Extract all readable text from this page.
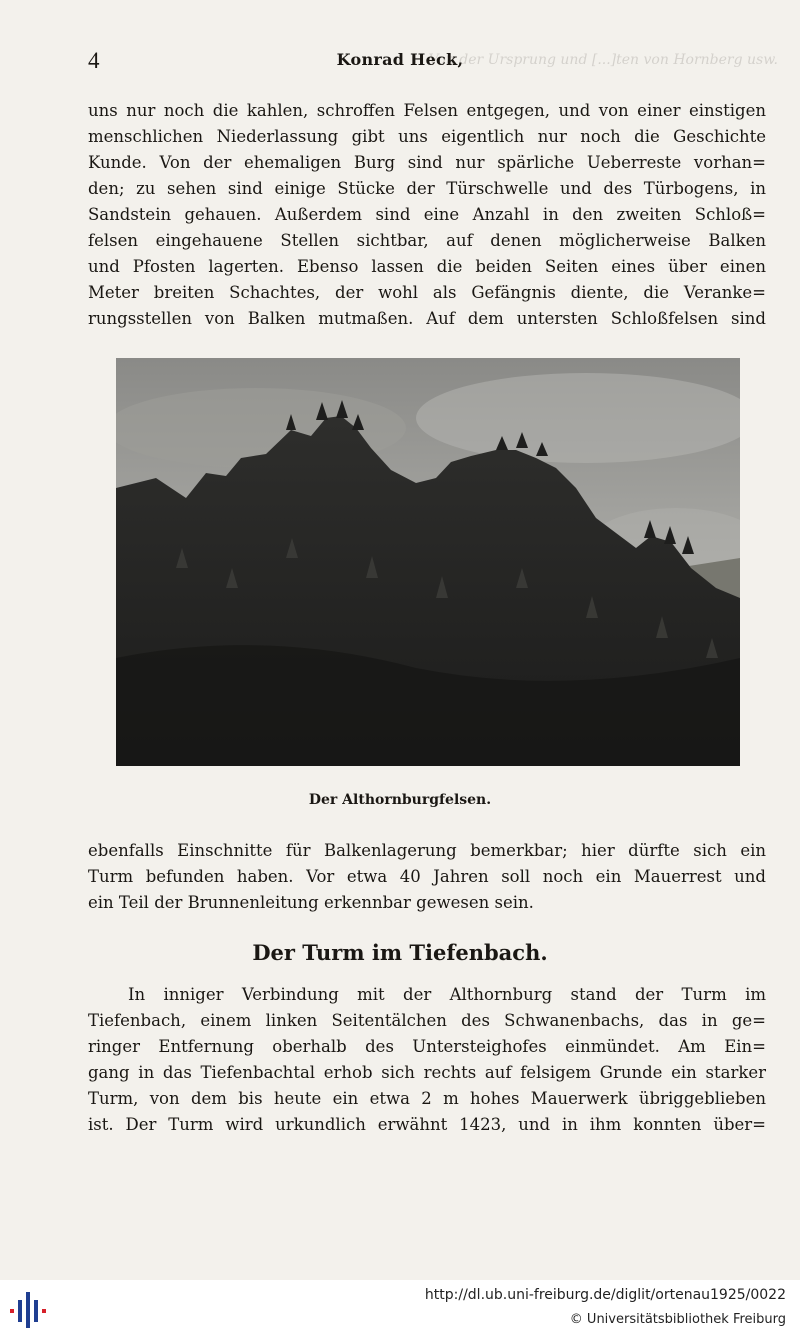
Von der Ursprung und [...]ten von Hornberg usw.
4	Konrad Heck,
uns nur noch die kahlen, schroffen Felsen entgegen, und von einer einstigen
menschlichen Niederlassung gibt uns eigentlich nur noch die Geschichte
Kunde. Von der ehemaligen Burg sind nur spärliche Ueberreste vorhan=
den; zu sehen sind einige Stücke der Türschwelle und des Türbogens, in
Sandstein gehauen. Außerdem sind eine Anzahl in den zweiten Schloß=
felsen eingehauene Stellen sichtbar, auf denen möglicherweise Balken
und Pfosten lagerten. Ebenso lassen die beiden Seiten eines über einen
Meter breiten Schachtes, der wohl als Gefängnis diente, die Veranke=
rungsstellen von Balken mutmaßen. Auf dem untersten Schloßfelsen sind
Der Althornburgfelsen.
ebenfalls Einschnitte für Balkenlagerung bemerkbar; hier dürfte sich ein
Turm befunden haben. Vor etwa 40 Jahren soll noch ein Mauerrest und
ein Teil der Brunnenleitung erkennbar gewesen sein.
Der Turm im Tiefenbach.
In inniger Verbindung mit der Althornburg stand der Turm im
Tiefenbach, einem linken Seitentälchen des Schwanenbachs, das in ge=
ringer Entfernung oberhalb des Untersteighofes einmündet. Am Ein=
gang in das Tiefenbachtal erhob sich rechts auf felsigem Grunde ein starker
Turm, von dem bis heute ein etwa 2 m hohes Mauerwerk übriggeblieben
ist. Der Turm wird urkundlich erwähnt 1423, und in ihm konnten über=
http://dl.ub.uni-freiburg.de/diglit/ortenau1925/0022
© Universitätsbibliothek Freiburg
